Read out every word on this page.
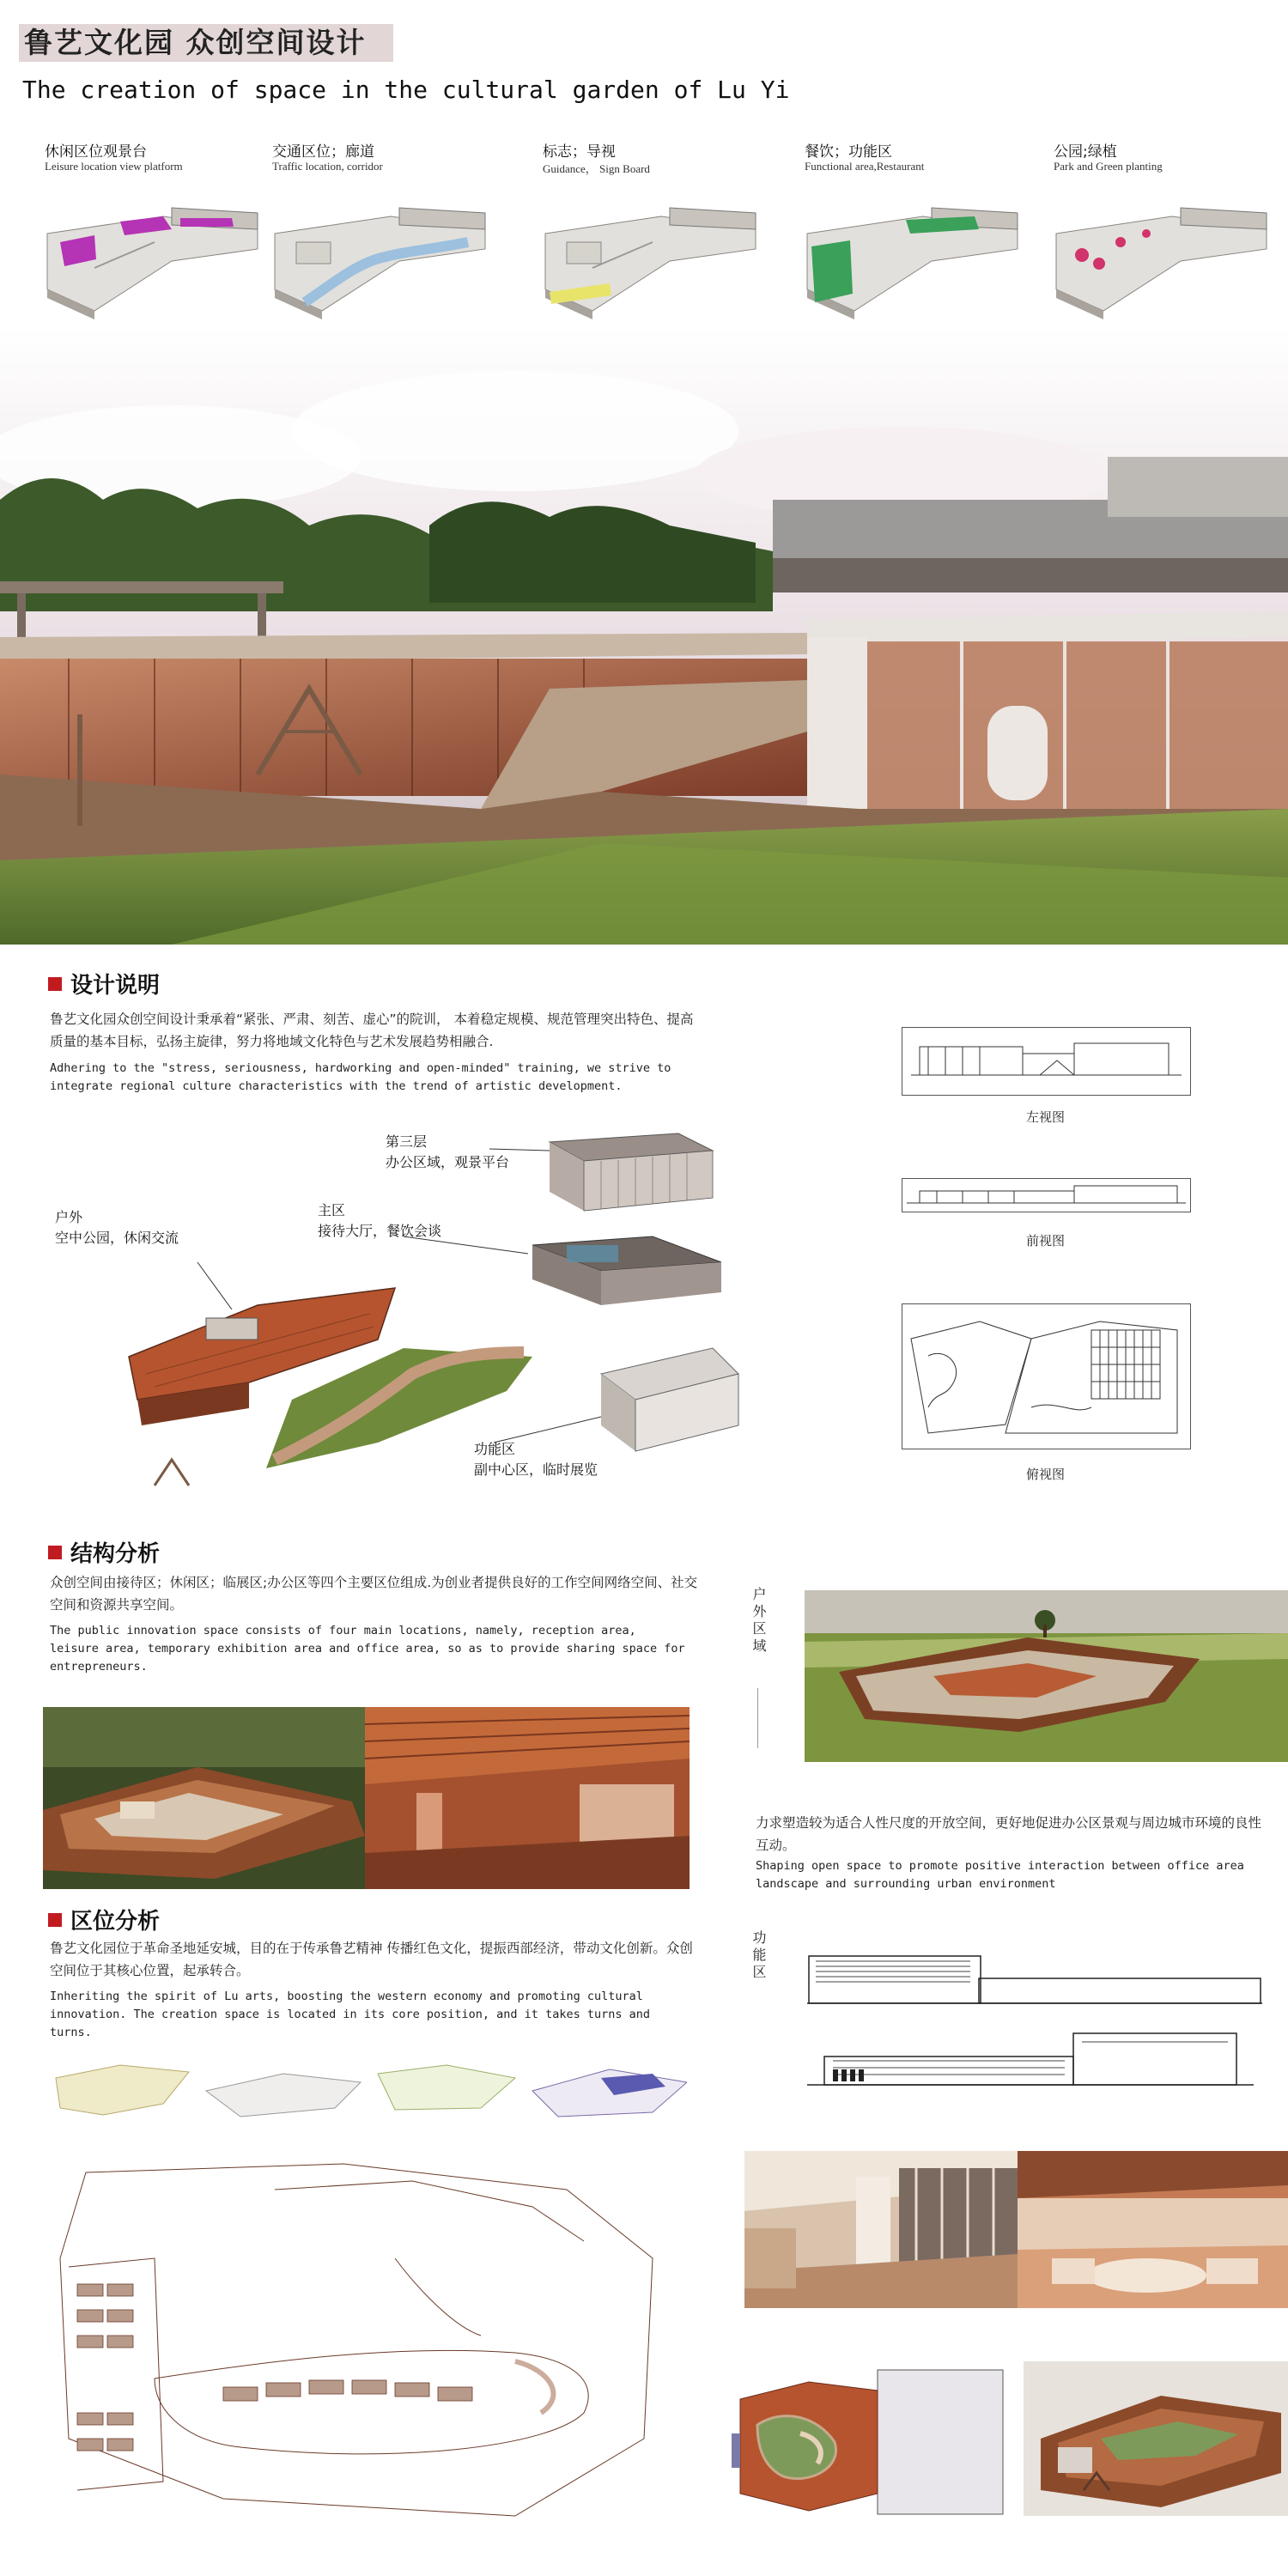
鲁艺文化园 众创空间设计
The creation of space in the cultural garden of Lu Yi
休闲区位观景台
Leisure location view platform
交通区位；廊道
Traffic location, corridor
标志；导视
Guidance， Sign Board
餐饮；功能区
Functional area,Restaurant
公园;绿植
Park and Green planting
设计说明
鲁艺文化园众创空间设计秉承着“紧张、严肃、刻苦、虚心”的院训， 本着稳定规模、规范管理突出特色、提高质量的基本目标，弘扬主旋律，努力将地域文化特色与艺术发展趋势相融合.
Adhering to the "stress, seriousness, hardworking and open-minded" training, we strive to integrate regional culture characteristics with the trend of artistic development.
第三层
办公区域，观景平台
主区
接待大厅，餐饮会谈
户外
空中公园，休闲交流
功能区
副中心区，临时展览
左视图
前视图
俯视图
结构分析
众创空间由接待区；休闲区；临展区;办公区等四个主要区位组成.为创业者提供良好的工作空间网络空间、社交空间和资源共享空间。
The public innovation space consists of four main locations, namely, reception area, leisure area, temporary exhibition area and office area, so as to provide sharing space for entrepreneurs.
户外区域
力求塑造较为适合人性尺度的开放空间，更好地促进办公区景观与周边城市环境的良性互动。
Shaping open space to promote positive interaction between office area landscape and surrounding urban environment
功能区
区位分析
鲁艺文化园位于革命圣地延安城，目的在于传承鲁艺精神 传播红色文化，提振西部经济，带动文化创新。众创空间位于其核心位置，起承转合。
Inheriting the spirit of Lu arts, boosting the western economy and promoting cultural innovation. The creation space is located in its core position, and it takes turns and turns.
